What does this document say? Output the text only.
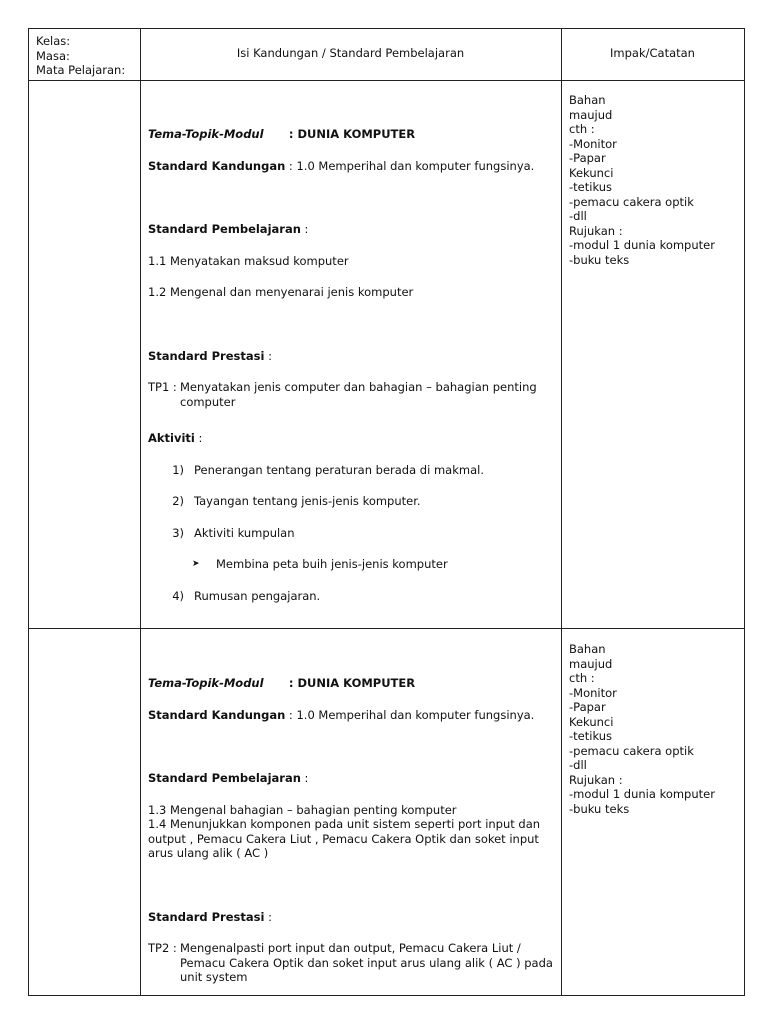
Kelas:

Masa:

Mata Pelajaran:

Isi Kandungan / Standard Pembelajaran	Impak/Catatan

Tema-Topik-Modul : DUNIA KOMPUTER

Standard Kandungan : 1.0 Memperihal dan komputer fungsinya.

Standard Pembelajaran :

1.1 Menyatakan maksud komputer

1.2 Mengenal dan menyenarai jenis komputer

Standard Prestasi :

TP1 : Menyatakan jenis computer dan bahagian – bahagian penting computer

Aktiviti :

1) Penerangan tentang peraturan berada di makmal.
2) Tayangan tentang jenis-jenis komputer.
3) Aktiviti kumpulan
➤	Membina peta buih jenis-jenis komputer
4) Rumusan pengajaran.

Bahan

maujud

cth :

-Monitor

-Papar

Kekunci

-tetikus

-pemacu cakera optik

-dll

Rujukan :

-modul 1 dunia komputer

-buku teks

Tema-Topik-Modul : DUNIA KOMPUTER

Standard Kandungan : 1.0 Memperihal dan komputer fungsinya.

Standard Pembelajaran :

1.3 Mengenal bahagian – bahagian penting komputer

1.4 Menunjukkan komponen pada unit sistem seperti port input dan output , Pemacu Cakera Liut , Pemacu Cakera Optik dan soket input arus ulang alik ( AC )

Standard Prestasi :

TP2 : Mengenalpasti port input dan output, Pemacu Cakera Liut / Pemacu Cakera Optik dan soket input arus ulang alik ( AC ) pada unit system

Bahan

maujud

cth :

-Monitor

-Papar

Kekunci

-tetikus

-pemacu cakera optik

-dll

Rujukan :

-modul 1 dunia komputer

-buku teks
